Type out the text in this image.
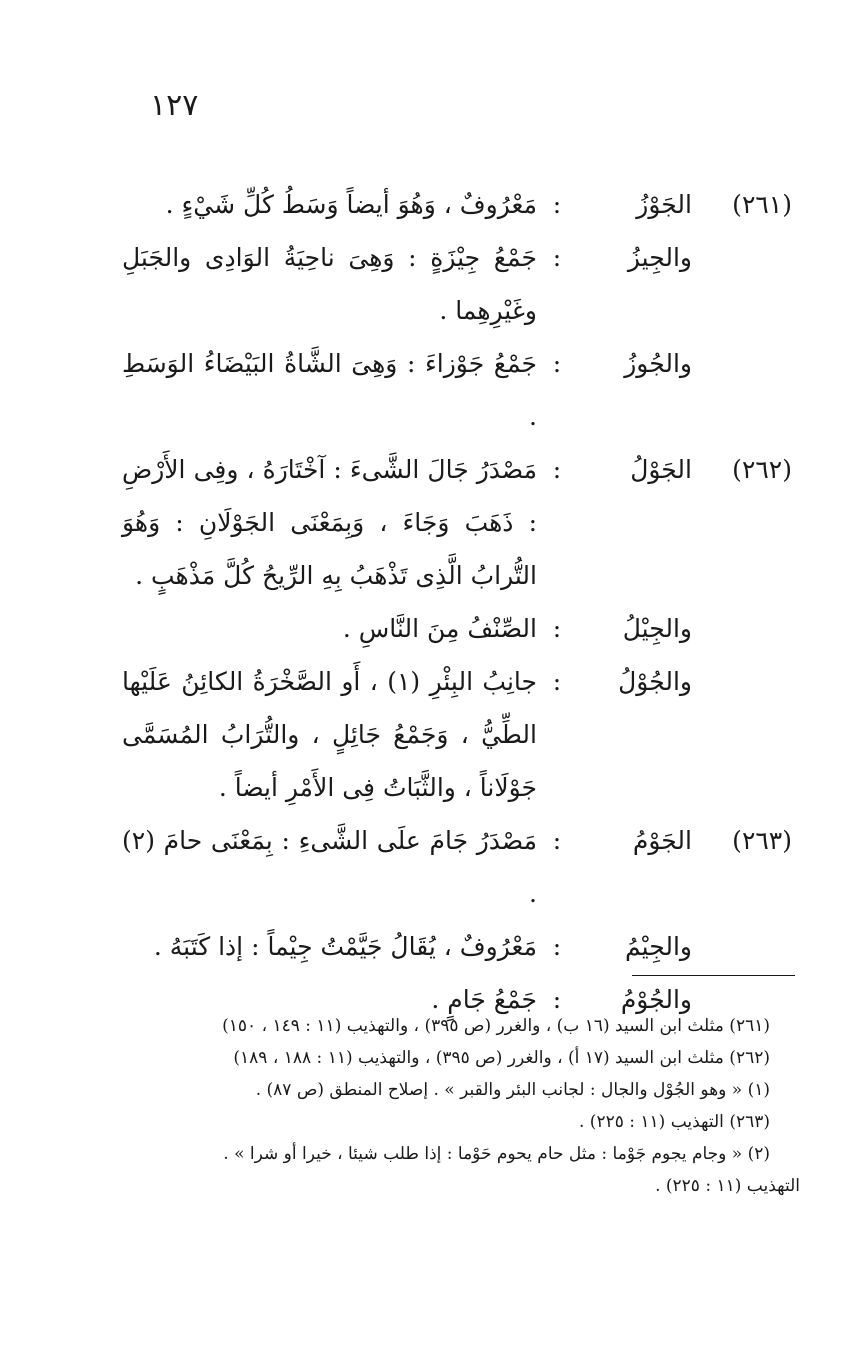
١٢٧
(٢٦١)
الجَوْزُ
:
مَعْرُوفٌ ، وَهُوَ أيضاً وَسَطُ كُلِّ شَيْءٍ .
والجِيزُ
:
جَمْعُ جِيْزَةٍ : وَهِىَ ناحِيَةُ الوَادِى والجَبَلِ وغَيْرِهِما .
والجُوزُ
:
جَمْعُ جَوْزاءَ : وَهِىَ الشَّاةُ البَيْضَاءُ الوَسَطِ .
(٢٦٢)
الجَوْلُ
:
مَصْدَرُ جَالَ الشَّىءَ : آخْتَارَهُ ، وفِى الأَرْضِ : ذَهَبَ وَجَاءَ ، وَبِمَعْنَى الجَوْلَانِ : وَهُوَ التُّرابُ الَّذِى تَذْهَبُ بِهِ الرِّيحُ كُلَّ مَذْهَبٍ .
والجِيْلُ
:
الصِّنْفُ مِنَ النَّاسِ .
والجُوْلُ
:
جانِبُ البِئْرِ (١) ، أَو الصَّخْرَةُ الكائِنُ عَلَيْها الطِّيُّ ، وَجَمْعُ جَائِلٍ ، والتُّرَابُ المُسَمَّى جَوْلَاناً ، والثَّبَاتُ فِى الأَمْرِ أيضاً .
(٢٦٣)
الجَوْمُ
:
مَصْدَرُ جَامَ علَى الشَّىءِ : بِمَعْنَى حامَ (٢) .
والجِيْمُ
:
مَعْرُوفٌ ، يُقَالُ جَيَّمْتُ جِيْماً : إذا كَتَبَهُ .
والجُوْمُ
:
جَمْعُ جَامٍ .
(٢٦١) مثلث ابن السيد (١٦ ب) ، والغرر (ص ٣٩٥) ، والتهذيب (١١ : ١٤٩ ، ١٥٠)
(٢٦٢) مثلث ابن السيد (١٧ أ) ، والغرر (ص ٣٩٥) ، والتهذيب (١١ : ١٨٨ ، ١٨٩)
(١) « وهو الجُوْل والجال : لجانب البئر والقبر » . إصلاح المنطق (ص ٨٧) .
(٢٦٣) التهذيب (١١ : ٢٢٥) .
(٢) « وجام يجوم جَوْما : مثل حام يحوم حَوْما : إذا طلب شيئا ، خيرا أو شرا » .
التهذيب (١١ : ٢٢٥) .
